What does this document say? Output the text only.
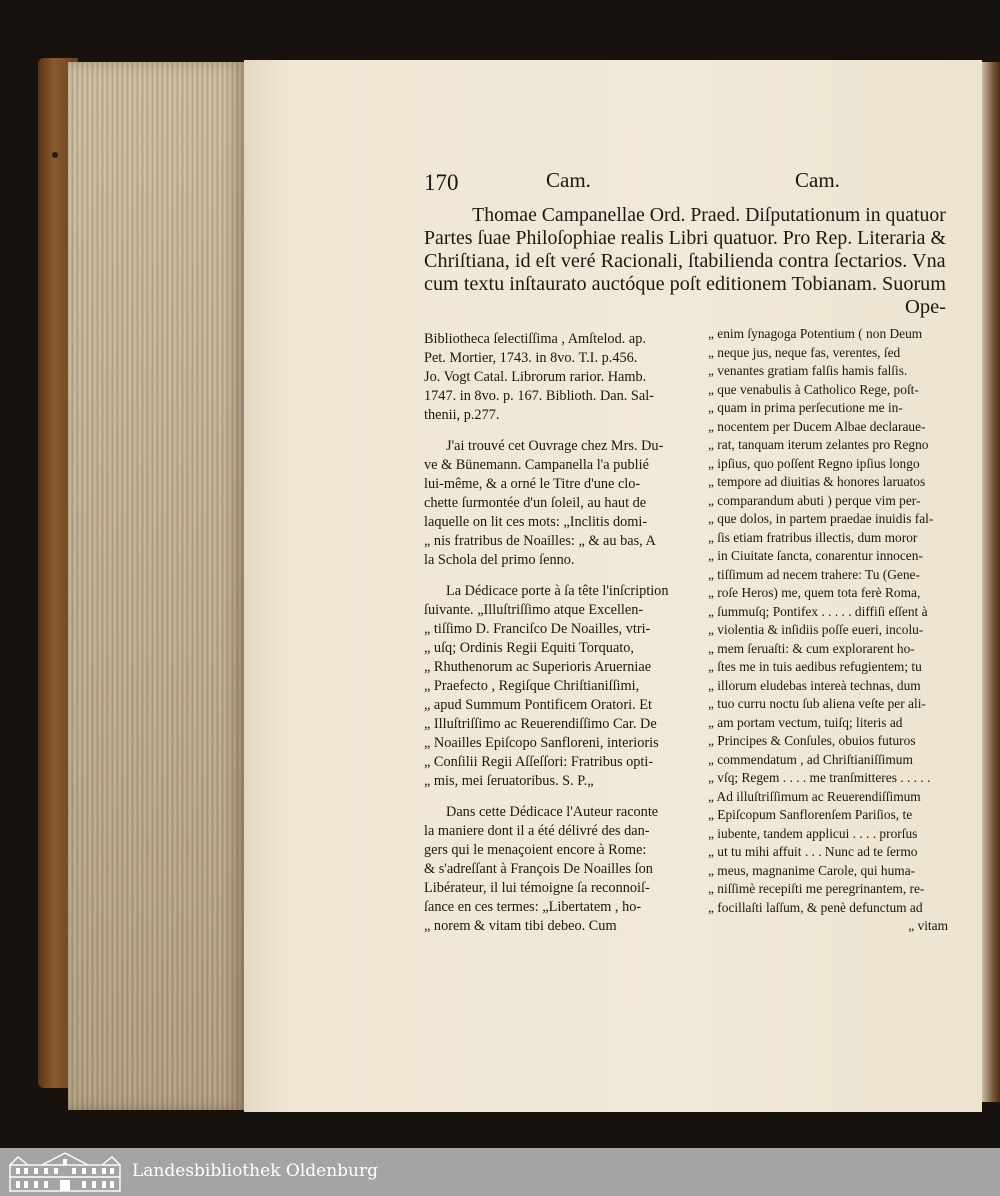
170	Cam.	Cam.
Thomae Campanellae Ord. Praed. Diſputationum in quatuor
Partes ſuae Philoſophiae realis Libri quatuor. Pro Rep. Literaria &
Chriſtiana, id eſt veré Racionali, ſtabilienda contra ſectarios. Vna
cum textu inſtaurato auctóque poſt editionem Tobianam. Suorum
Ope-
Bibliotheca ſelectiſſima , Amſtelod. ap.
Pet. Mortier, 1743. in 8vo. T.I. p.456.
Jo. Vogt Catal. Librorum rarior. Hamb.
1747. in 8vo. p. 167. Biblioth. Dan. Sal-
thenii, p.277.
J'ai trouvé cet Ouvrage chez Mrs. Du-
ve & Bünemann. Campanella l'a publié
lui-même, & a orné le Titre d'une clo-
chette ſurmontée d'un ſoleil, au haut de
laquelle on lit ces mots: „Inclitis domi-
„ nis fratribus de Noailles: „ & au bas, A
la Schola del primo ſenno.
La Dédicace porte à ſa tête l'inſcription
ſuivante. „Illuſtriſſimo atque Excellen-
„ tiſſimo D. Franciſco De Noailles, vtri-
„ uſq; Ordinis Regii Equiti Torquato,
„ Rhuthenorum ac Superioris Aruerniae
„ Praefecto , Regiſque Chriſtianiſſimi,
„ apud Summum Pontificem Oratori. Et
„ Illuſtriſſimo ac Reuerendiſſimo Car. De
„ Noailles Epiſcopo Sanfloreni, interioris
„ Conſilii Regii Aſſeſſori: Fratribus opti-
„ mis, mei ſeruatoribus. S. P.„
Dans cette Dédicace l'Auteur raconte
la maniere dont il a été délivré des dan-
gers qui le menaçoient encore à Rome:
& s'adreſſant à François De Noailles ſon
Libérateur, il lui témoigne ſa reconnoiſ-
ſance en ces termes: „Libertatem , ho-
„ norem & vitam tibi debeo. Cum
„ enim ſynagoga Potentium ( non Deum
„ neque jus, neque fas, verentes, ſed
„ venantes gratiam falſis hamis falſis.
„ que venabulis à Catholico Rege, poſt-
„ quam in prima perſecutione me in-
„ nocentem per Ducem Albae declaraue-
„ rat, tanquam iterum zelantes pro Regno
„ ipſius, quo poſſent Regno ipſius longo
„ tempore ad diuitias & honores laruatos
„ comparandum abuti ) perque vim per-
„ que dolos, in partem praedae inuidis fal-
„ ſis etiam fratribus illectis, dum moror
„ in Ciuitate ſancta, conarentur innocen-
„ tiſſimum ad necem trahere: Tu (Gene-
„ roſe Heros) me, quem tota ferè Roma,
„ ſummuſq; Pontifex . . . . . diffiſi eſſent à
„ violentia & inſidiis poſſe eueri, incolu-
„ mem ſeruaſti: & cum explorarent ho-
„ ſtes me in tuis aedibus refugientem; tu
„ illorum eludebas intereà technas, dum
„ tuo curru noctu ſub aliena veſte per ali-
„ am portam vectum, tuiſq; literis ad
„ Principes & Conſules, obuios futuros
„ commendatum , ad Chriſtianiſſimum
„ vſq; Regem . . . . me tranſmitteres . . . . .
„ Ad illuſtriſſimum ac Reuerendiſſimum
„ Epiſcopum Sanflorenſem Pariſios, te
„ iubente, tandem applicui . . . . prorſus
„ ut tu mihi affuit . . . Nunc ad te ſermo
„ meus, magnanime Carole, qui huma-
„ niſſimè recepiſti me peregrinantem, re-
„ focillaſti laſſum, & penè defunctum ad
„ vitam
Landesbibliothek Oldenburg
